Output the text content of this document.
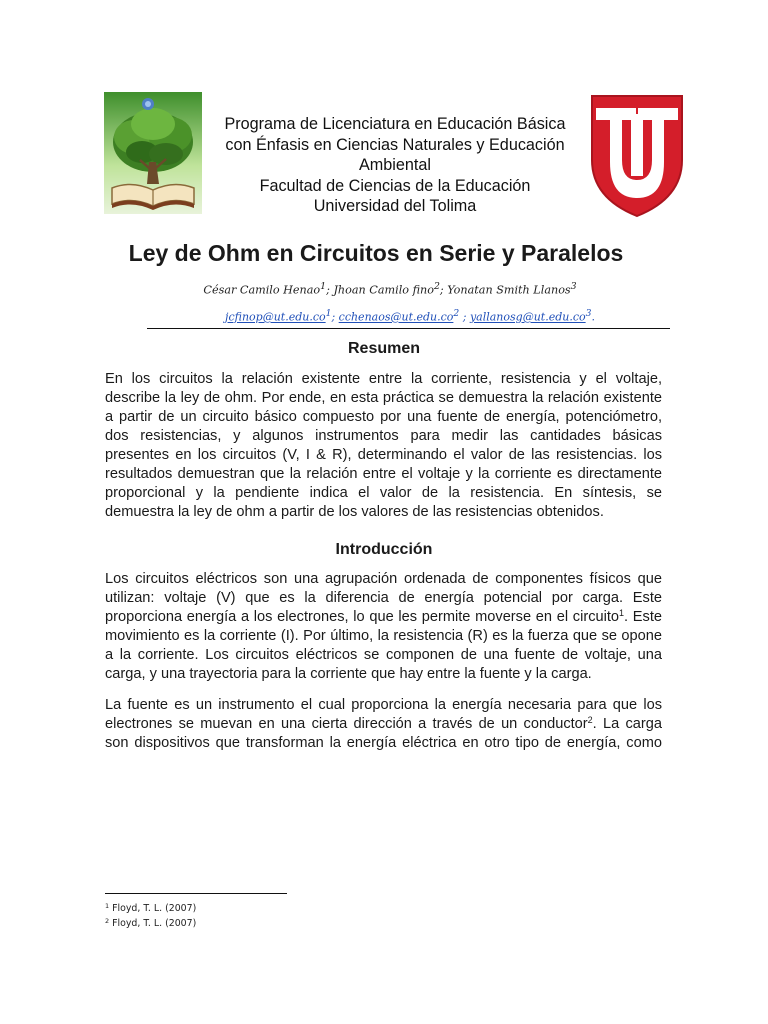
Programa de Licenciatura en Educación Básica
con Énfasis en Ciencias Naturales y Educación
Ambiental
Facultad de Ciencias de la Educación
Universidad del Tolima
Ley de Ohm en Circuitos en Serie y Paralelos
César Camilo Henao$^1$; Jhoan Camilo fino$^2$; Yonatan Smith Llanos$^3$
$jcfinop@ut.edu.co^1$; $cchenaos@ut.edu.co^2$ ; $yallanosg@ut.edu.co^3$.
Resumen
En los circuitos la relación existente entre la corriente, resistencia y el voltaje,
describe la ley de ohm. Por ende, en esta práctica se demuestra la relación existente
a partir de un circuito básico compuesto por una fuente de energía, potenciómetro,
dos resistencias, y algunos instrumentos para medir las cantidades básicas
presentes en los circuitos (V, I & R), determinando el valor de las resistencias. los
resultados demuestran que la relación entre el voltaje y la corriente es directamente
proporcional y la pendiente indica el valor de la resistencia. En síntesis, se
demuestra la ley de ohm a partir de los valores de las resistencias obtenidos.
Introducción
Los circuitos eléctricos son una agrupación ordenada de componentes físicos que
utilizan: voltaje (V) que es la diferencia de energía potencial por carga. Este
proporciona energía a los electrones, lo que les permite moverse en el circuito$^1$. Este
movimiento es la corriente (I). Por último, la resistencia (R) es la fuerza que se opone
a la corriente. Los circuitos eléctricos se componen de una fuente de voltaje, una
carga, y una trayectoria para la corriente que hay entre la fuente y la carga.
La fuente es un instrumento el cual proporciona la energía necesaria para que los
electrones se muevan en una cierta dirección a través de un conductor$^2$. La carga
son dispositivos que transforman la energía eléctrica en otro tipo de energía, como
$^1$ Floyd, T. L. (2007)
$^2$ Floyd, T. L. (2007)
